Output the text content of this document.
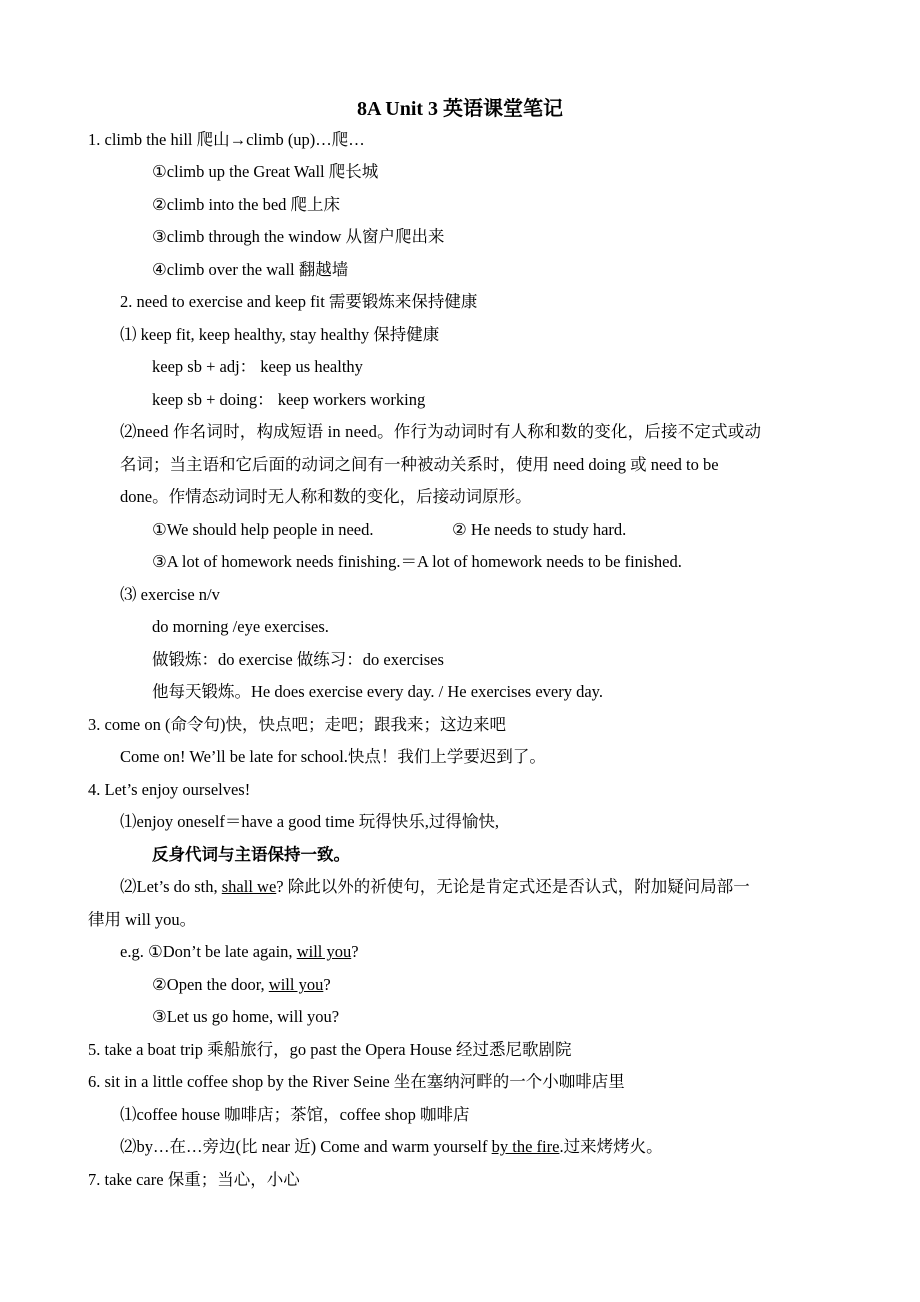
8A Unit 3 英语课堂笔记
1. climb the hill 爬山→climb (up)…爬…
①climb up the Great Wall 爬长城
②climb into the bed 爬上床
③climb through the window 从窗户爬出来
④climb over the wall 翻越墙
2. need to exercise and keep fit 需要锻炼来保持健康
⑴ keep fit, keep healthy, stay healthy 保持健康
keep sb + adj： keep us healthy
keep sb + doing： keep workers working
⑵need 作名词时，构成短语 in need。作行为动词时有人称和数的变化，后接不定式或动
名词；当主语和它后面的动词之间有一种被动关系时，使用 need doing 或 need to be
done。作情态动词时无人称和数的变化，后接动词原形。
①We should help people in need.	② He needs to study hard.
③A lot of homework needs finishing.＝A lot of homework needs to be finished.
⑶ exercise n/v
do morning /eye exercises.
做锻炼：do exercise 做练习：do exercises
他每天锻炼。He does exercise every day. / He exercises every day.
3. come on (命令句)快，快点吧；走吧；跟我来；这边来吧
Come on! We’ll be late for school.快点！我们上学要迟到了。
4. Let’s enjoy ourselves!
⑴enjoy oneself＝have a good time 玩得快乐,过得愉快,
反身代词与主语保持一致。
⑵Let’s do sth, shall we? 除此以外的祈使句，无论是肯定式还是否认式，附加疑问局部一
律用 will you。
e.g. ①Don’t be late again, will you?
②Open the door, will you?
③Let us go home, will you?
5. take a boat trip 乘船旅行，go past the Opera House 经过悉尼歌剧院
6. sit in a little coffee shop by the River Seine 坐在塞纳河畔的一个小咖啡店里
⑴coffee house 咖啡店；茶馆，coffee shop 咖啡店
⑵by…在…旁边(比 near 近) Come and warm yourself by the fire.过来烤烤火。
7. take care 保重；当心，小心
